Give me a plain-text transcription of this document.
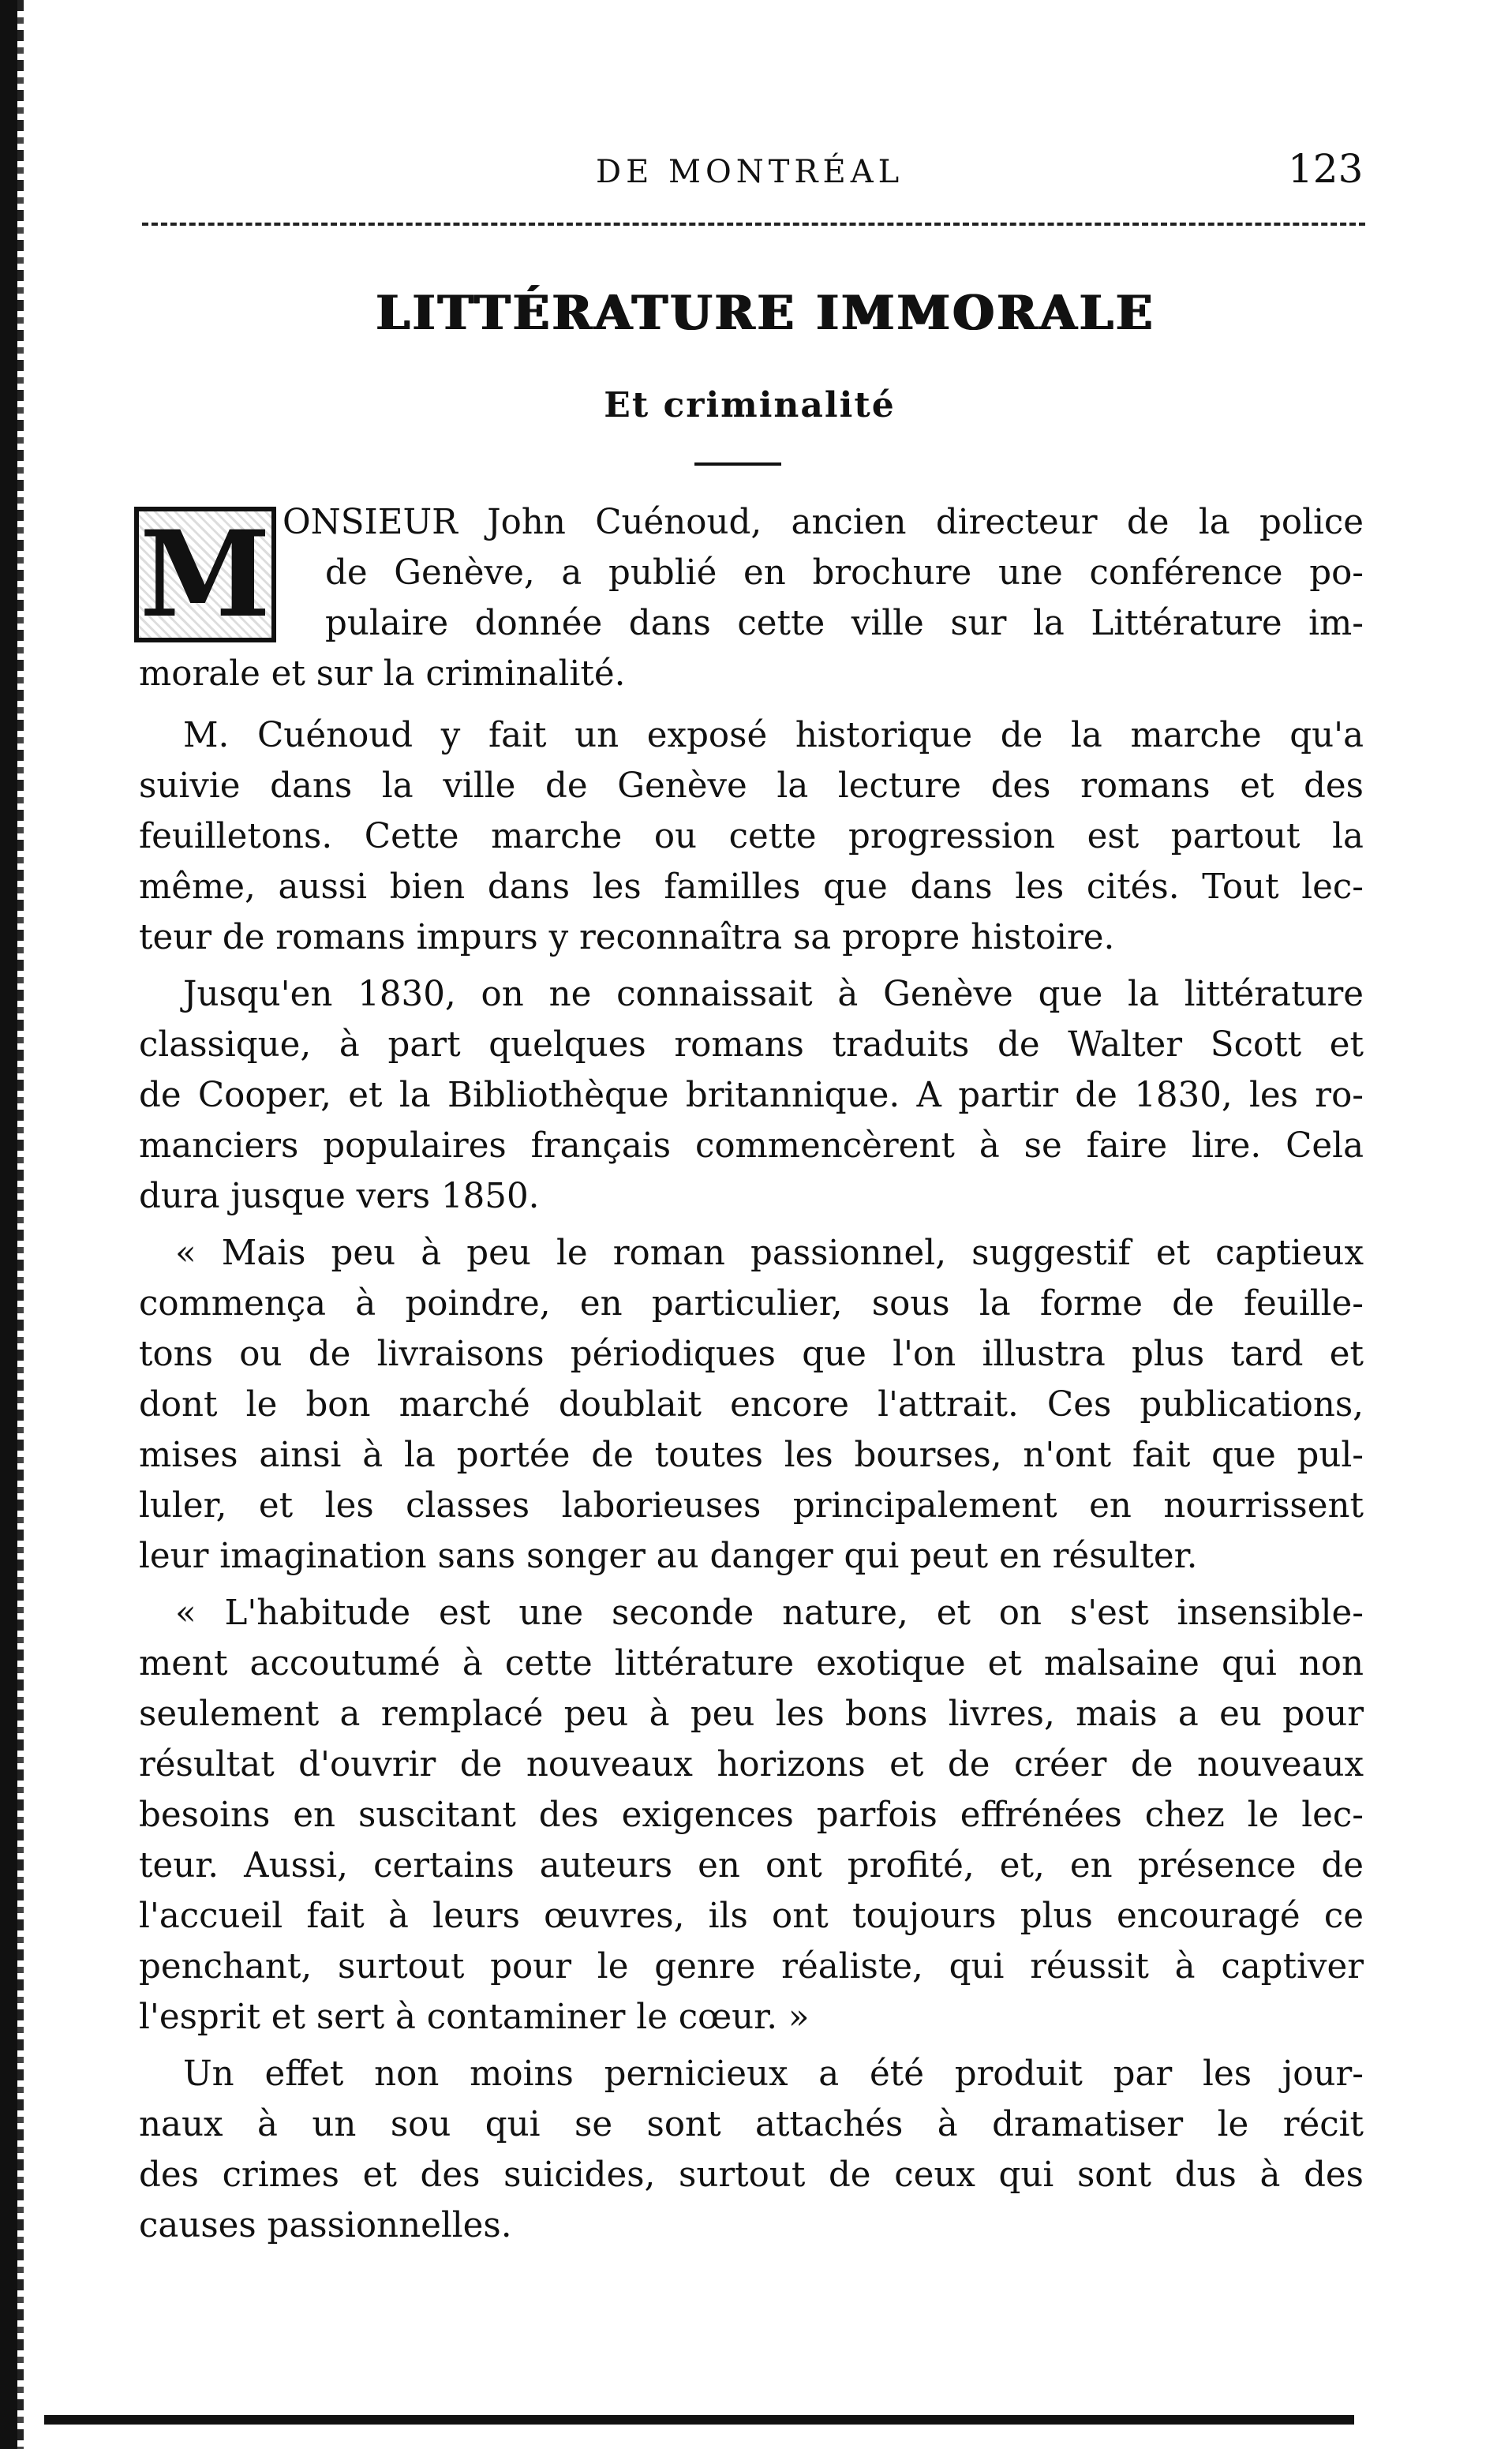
DE MONTRÉAL	123
LITTÉRATURE IMMORALE
Et criminalité
M ONSIEUR John Cuénoud, ancien directeur de la police
de Genève, a publié en brochure une conférence po-
pulaire donnée dans cette ville sur la Littérature im-
morale et sur la criminalité.
M. Cuénoud y fait un exposé historique de la marche qu'a
suivie dans la ville de Genève la lecture des romans et des
feuilletons. Cette marche ou cette progression est partout la
même, aussi bien dans les familles que dans les cités. Tout lec-
teur de romans impurs y reconnaîtra sa propre histoire.
Jusqu'en 1830, on ne connaissait à Genève que la littérature
classique, à part quelques romans traduits de Walter Scott et
de Cooper, et la Bibliothèque britannique. A partir de 1830, les ro-
manciers populaires français commencèrent à se faire lire. Cela
dura jusque vers 1850.
« Mais peu à peu le roman passionnel, suggestif et captieux
commença à poindre, en particulier, sous la forme de feuille-
tons ou de livraisons périodiques que l'on illustra plus tard et
dont le bon marché doublait encore l'attrait. Ces publications,
mises ainsi à la portée de toutes les bourses, n'ont fait que pul-
luler, et les classes laborieuses principalement en nourrissent
leur imagination sans songer au danger qui peut en résulter.
« L'habitude est une seconde nature, et on s'est insensible-
ment accoutumé à cette littérature exotique et malsaine qui non
seulement a remplacé peu à peu les bons livres, mais a eu pour
résultat d'ouvrir de nouveaux horizons et de créer de nouveaux
besoins en suscitant des exigences parfois effrénées chez le lec-
teur. Aussi, certains auteurs en ont profité, et, en présence de
l'accueil fait à leurs œuvres, ils ont toujours plus encouragé ce
penchant, surtout pour le genre réaliste, qui réussit à captiver
l'esprit et sert à contaminer le cœur. »
Un effet non moins pernicieux a été produit par les jour-
naux à un sou qui se sont attachés à dramatiser le récit
des crimes et des suicides, surtout de ceux qui sont dus à des
causes passionnelles.
